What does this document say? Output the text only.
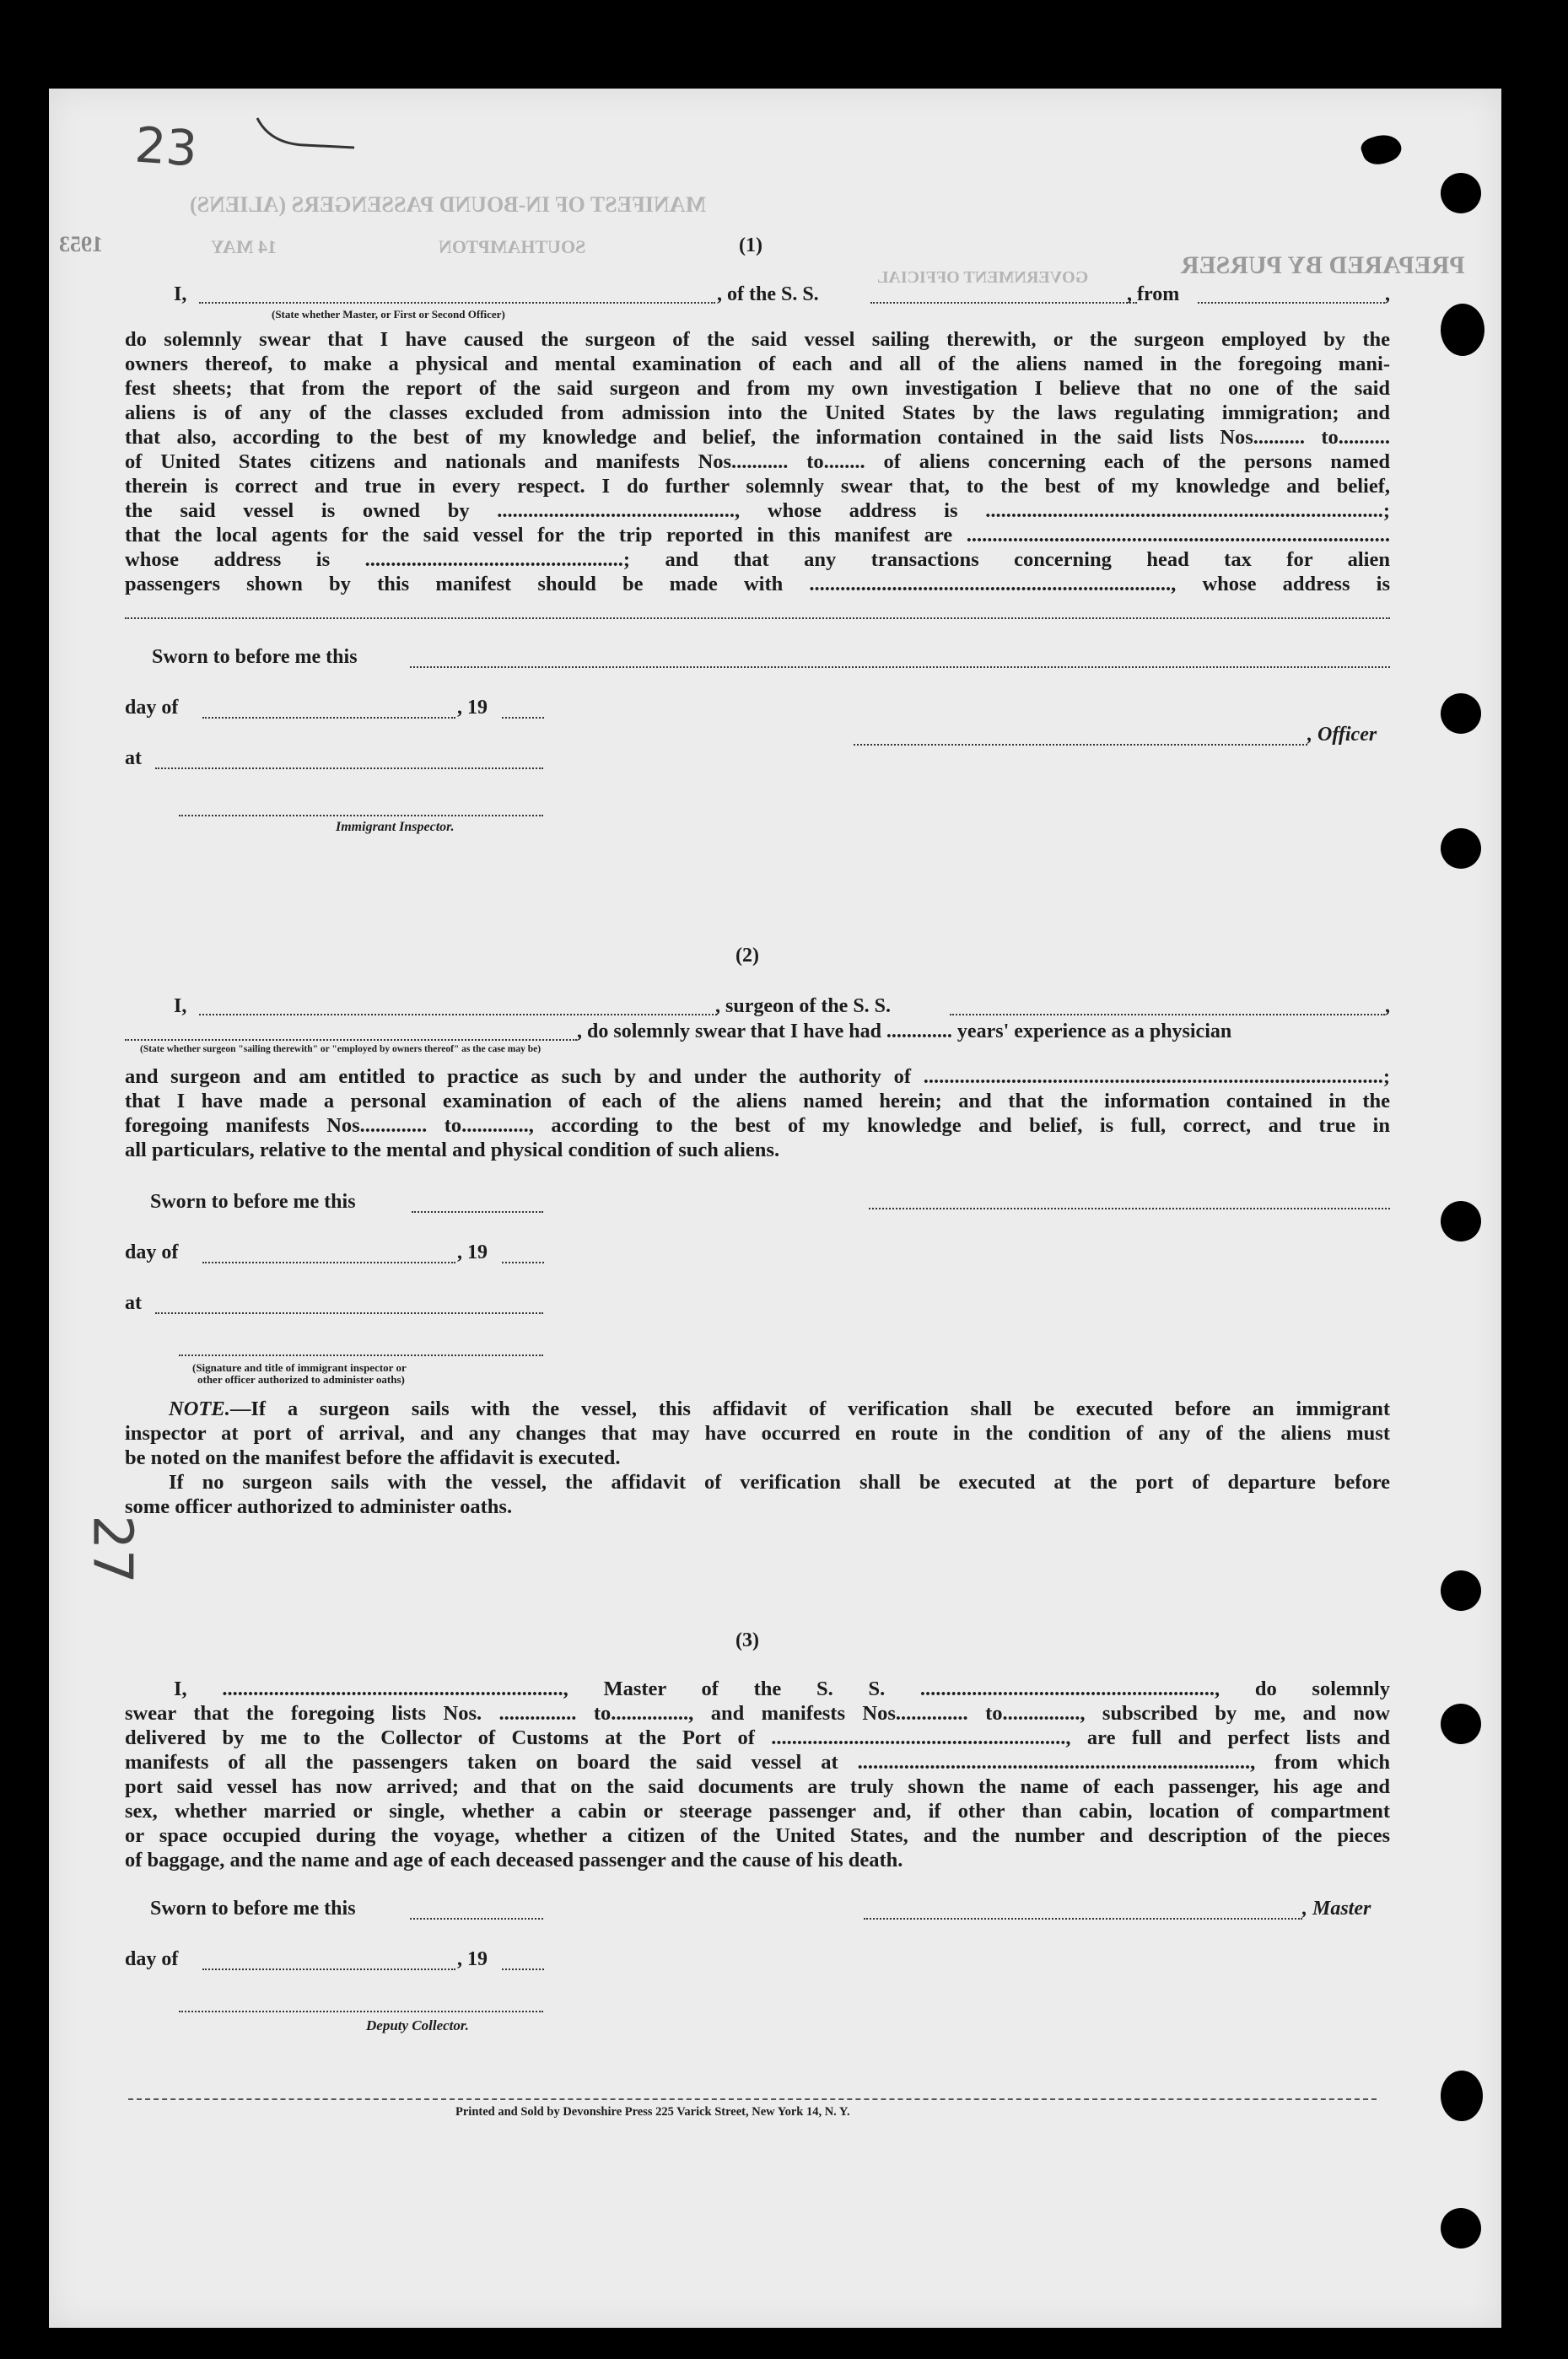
23
27
MANIFEST OF IN-BOUND PASSENGERS (ALIENS)
PREPARED BY PURSER
GOVERNMENT OFFICIAL
SOUTHAMPTON
14 MAY
1953	(1)
I,	, of the S. S.	, from	,
(State whether Master, or First or Second Officer)
do solemnly swear that I have caused the surgeon of the said vessel sailing therewith, or the surgeon employed by the
owners thereof, to make a physical and mental examination of each and all of the aliens named in the foregoing mani-
fest sheets; that from the report of the said surgeon and from my own investigation I believe that no one of the said
aliens is of any of the classes excluded from admission into the United States by the laws regulating immigration; and
that also, according to the best of my knowledge and belief, the information contained in the said lists Nos.......... to..........
of United States citizens and nationals and manifests Nos........... to........ of aliens concerning each of the persons named
therein is correct and true in every respect. I do further solemnly swear that, to the best of my knowledge and belief,
the said vessel is owned by .............................................., whose address is .............................................................................;
that the local agents for the said vessel for the trip reported in this manifest are ..................................................................................
whose address is ..................................................; and that any transactions concerning head tax for alien
passengers shown by this manifest should be made with ......................................................................, whose address is
Sworn to before me this
day of	, 19
, Officer
at
Immigrant Inspector.
(2)
I,	, surgeon of the S. S.	,
, do solemnly swear that I have had ............. years' experience as a physician
(State whether surgeon "sailing therewith" or "employed by owners thereof" as the case may be)
and surgeon and am entitled to practice as such by and under the authority of .........................................................................................;
that I have made a personal examination of each of the aliens named herein; and that the information contained in the
foregoing manifests Nos............. to............., according to the best of my knowledge and belief, is full, correct, and true in
all particulars, relative to the mental and physical condition of such aliens.
Sworn to before me this
day of	, 19
at
(Signature and title of immigrant inspector or
other officer authorized to administer oaths)
NOTE.—If a surgeon sails with the vessel, this affidavit of verification shall be executed before an immigrant
inspector at port of arrival, and any changes that may have occurred en route in the condition of any of the aliens must
be noted on the manifest before the affidavit is executed.
If no surgeon sails with the vessel, the affidavit of verification shall be executed at the port of departure before
some officer authorized to administer oaths.
(3)
I, .................................................................., Master of the S. S. ........................................................., do solemnly
swear that the foregoing lists Nos. ............... to..............., and manifests Nos.............. to..............., subscribed by me, and now
delivered by me to the Collector of Customs at the Port of ........................................................., are full and perfect lists and
manifests of all the passengers taken on board the said vessel at ............................................................................, from which
port said vessel has now arrived; and that on the said documents are truly shown the name of each passenger, his age and
sex, whether married or single, whether a cabin or steerage passenger and, if other than cabin, location of compartment
or space occupied during the voyage, whether a citizen of the United States, and the number and description of the pieces
of baggage, and the name and age of each deceased passenger and the cause of his death.
Sworn to before me this	, Master
day of	, 19
Deputy Collector.
Printed and Sold by Devonshire Press 225 Varick Street, New York 14, N. Y.
